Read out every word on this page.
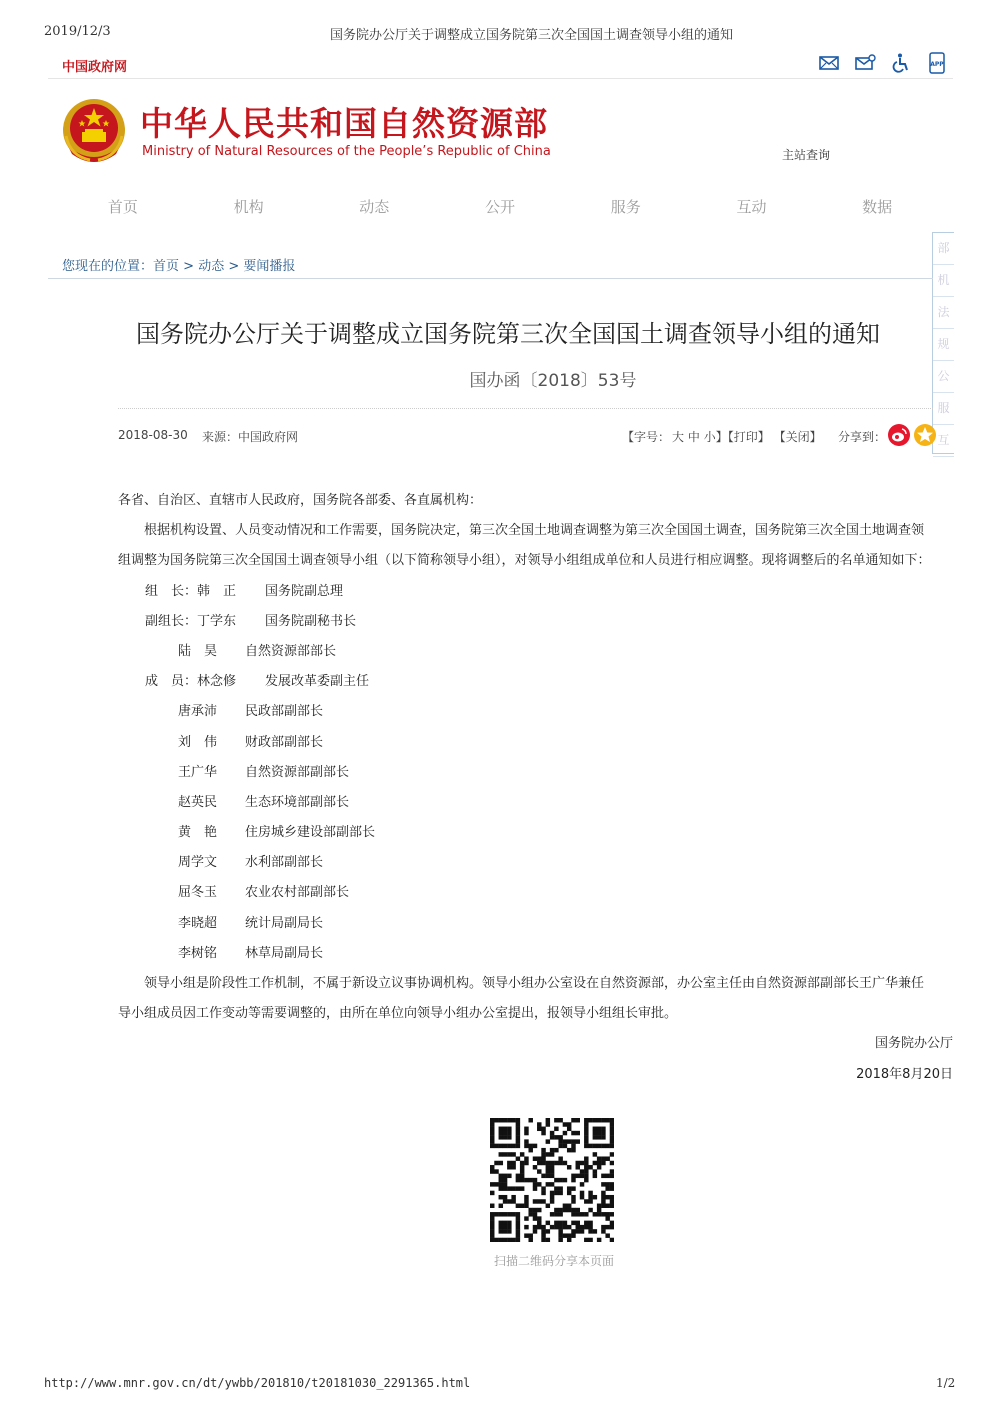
2019/12/3	国务院办公厅关于调整成立国务院第三次全国国土调查领导小组的通知
中国政府网	APP
中华人民共和国自然资源部
Ministry of Natural Resources of the People’s Republic of China	主站查询
首页	机构	动态	公开	服务	互动	数据
部
机
法
规
公
服
互
您现在的位置：首页 > 动态 > 要闻播报
国务院办公厅关于调整成立国务院第三次全国国土调查领导小组的通知
国办函〔2018〕53号
2018-08-30 来源：中国政府网	【字号： 大 中 小】【打印】 【关闭】 分享到：
各省、自治区、直辖市人民政府，国务院各部委、各直属机构：
根据机构设置、人员变动情况和工作需要，国务院决定，第三次全国土地调查调整为第三次全国国土调查，国务院第三次全国土地调查领
组调整为国务院第三次全国国土调查领导小组（以下简称领导小组），对领导小组组成单位和人员进行相应调整。现将调整后的名单通知如下：
组　长：韩　正	国务院副总理
副组长：丁学东	国务院副秘书长
陆　昊	自然资源部部长
成　员：林念修	发展改革委副主任
唐承沛	民政部副部长
刘　伟	财政部副部长
王广华	自然资源部副部长
赵英民	生态环境部副部长
黄　艳	住房城乡建设部副部长
周学文	水利部副部长
屈冬玉	农业农村部副部长
李晓超	统计局副局长
李树铭	林草局副局长
领导小组是阶段性工作机制，不属于新设立议事协调机构。领导小组办公室设在自然资源部，办公室主任由自然资源部副部长王广华兼任
导小组成员因工作变动等需要调整的，由所在单位向领导小组办公室提出，报领导小组组长审批。
国务院办公厅
2018年8月20日
扫描二维码分享本页面
http://www.mnr.gov.cn/dt/ywbb/201810/t20181030_2291365.html	1/2
